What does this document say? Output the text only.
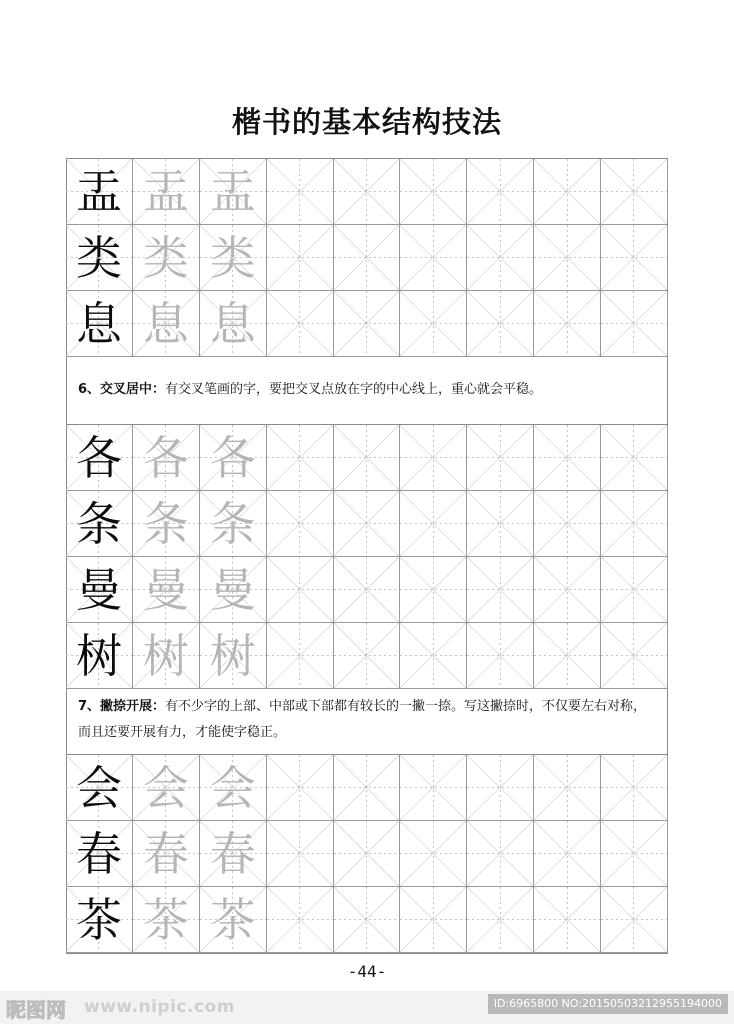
楷书的基本结构技法
盂 盂 盂
类 类 类
息 息 息
6、交叉居中：有交叉笔画的字，要把交叉点放在字的中心线上，重心就会平稳。
各 各 各
条 条 条
曼 曼 曼
树 树 树
7、撇捺开展：有不少字的上部、中部或下部都有较长的一撇一捺。写这撇捺时，不仅要左右对称，而且还要开展有力，才能使字稳正。
会 会 会
春 春 春
茶 茶 茶
-44-
昵图网 www.nipic.com	ID:6965800 NO:20150503212955194000
